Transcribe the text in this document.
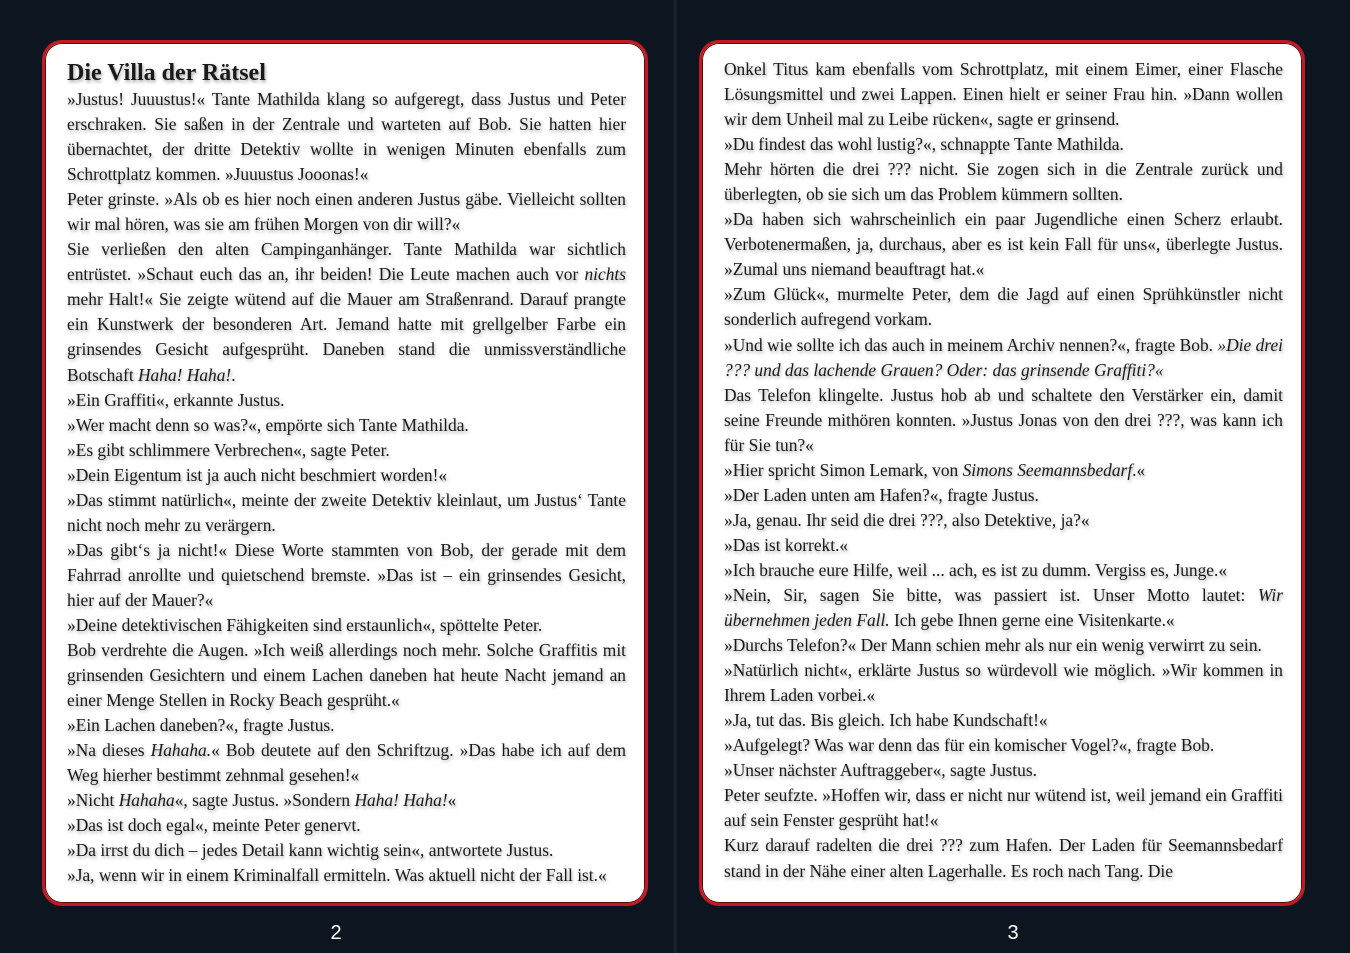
Die Villa der Rätsel
»Justus! Juuustus!« Tante Mathilda klang so aufgeregt, dass Justus und Peter erschraken. Sie saßen in der Zentrale und warteten auf Bob. Sie hatten hier übernachtet, der dritte Detektiv wollte in wenigen Minuten ebenfalls zum Schrottplatz kommen. »Juuustus Jooonas!«
Peter grinste. »Als ob es hier noch einen anderen Justus gäbe. Vielleicht sollten wir mal hören, was sie am frühen Morgen von dir will?«
Sie verließen den alten Campinganhänger. Tante Mathilda war sichtlich entrüstet. »Schaut euch das an, ihr beiden! Die Leute machen auch vor nichts mehr Halt!« Sie zeigte wütend auf die Mauer am Straßenrand. Darauf prangte ein Kunstwerk der besonderen Art. Jemand hatte mit grellgelber Farbe ein grinsendes Gesicht aufgesprüht. Daneben stand die unmissverständliche Botschaft Haha! Haha!.
»Ein Graffiti«, erkannte Justus.
»Wer macht denn so was?«, empörte sich Tante Mathilda.
»Es gibt schlimmere Verbrechen«, sagte Peter.
»Dein Eigentum ist ja auch nicht beschmiert worden!«
»Das stimmt natürlich«, meinte der zweite Detektiv kleinlaut, um Justus‘ Tante nicht noch mehr zu verärgern.
»Das gibt‘s ja nicht!« Diese Worte stammten von Bob, der gerade mit dem Fahrrad anrollte und quietschend bremste. »Das ist – ein grinsendes Gesicht, hier auf der Mauer?«
»Deine detektivischen Fähigkeiten sind erstaunlich«, spöttelte Peter.
Bob verdrehte die Augen. »Ich weiß allerdings noch mehr. Solche Graffitis mit grinsenden Gesichtern und einem Lachen daneben hat heute Nacht jemand an einer Menge Stellen in Rocky Beach gesprüht.«
»Ein Lachen daneben?«, fragte Justus.
»Na dieses Hahaha.« Bob deutete auf den Schriftzug. »Das habe ich auf dem Weg hierher bestimmt zehnmal gesehen!«
»Nicht Hahaha«, sagte Justus. »Sondern Haha! Haha!«
»Das ist doch egal«, meinte Peter genervt.
»Da irrst du dich – jedes Detail kann wichtig sein«, antwortete Justus.
»Ja, wenn wir in einem Kriminalfall ermitteln. Was aktuell nicht der Fall ist.«
Onkel Titus kam ebenfalls vom Schrottplatz, mit einem Eimer, einer Flasche Lösungsmittel und zwei Lappen. Einen hielt er seiner Frau hin. »Dann wollen wir dem Unheil mal zu Leibe rücken«, sagte er grinsend.
»Du findest das wohl lustig?«, schnappte Tante Mathilda.
Mehr hörten die drei ??? nicht. Sie zogen sich in die Zentrale zurück und überlegten, ob sie sich um das Problem kümmern sollten.
»Da haben sich wahrscheinlich ein paar Jugendliche einen Scherz erlaubt. Verbotenermaßen, ja, durchaus, aber es ist kein Fall für uns«, überlegte Justus. »Zumal uns niemand beauftragt hat.«
»Zum Glück«, murmelte Peter, dem die Jagd auf einen Sprühkünstler nicht sonderlich aufregend vorkam.
»Und wie sollte ich das auch in meinem Archiv nennen?«, fragte Bob. »Die drei ??? und das lachende Grauen? Oder: das grinsende Graffiti?«
Das Telefon klingelte. Justus hob ab und schaltete den Verstärker ein, damit seine Freunde mithören konnten. »Justus Jonas von den drei ???, was kann ich für Sie tun?«
»Hier spricht Simon Lemark, von Simons Seemannsbedarf.«
»Der Laden unten am Hafen?«, fragte Justus.
»Ja, genau. Ihr seid die drei ???, also Detektive, ja?«
»Das ist korrekt.«
»Ich brauche eure Hilfe, weil ... ach, es ist zu dumm. Vergiss es, Junge.«
»Nein, Sir, sagen Sie bitte, was passiert ist. Unser Motto lautet: Wir übernehmen jeden Fall. Ich gebe Ihnen gerne eine Visitenkarte.«
»Durchs Telefon?« Der Mann schien mehr als nur ein wenig verwirrt zu sein.
»Natürlich nicht«, erklärte Justus so würdevoll wie möglich. »Wir kommen in Ihrem Laden vorbei.«
»Ja, tut das. Bis gleich. Ich habe Kundschaft!«
»Aufgelegt? Was war denn das für ein komischer Vogel?«, fragte Bob.
»Unser nächster Auftraggeber«, sagte Justus.
Peter seufzte. »Hoffen wir, dass er nicht nur wütend ist, weil jemand ein Graffiti auf sein Fenster gesprüht hat!«
Kurz darauf radelten die drei ??? zum Hafen. Der Laden für Seemannsbedarf stand in der Nähe einer alten Lagerhalle. Es roch nach Tang. Die
2	3
